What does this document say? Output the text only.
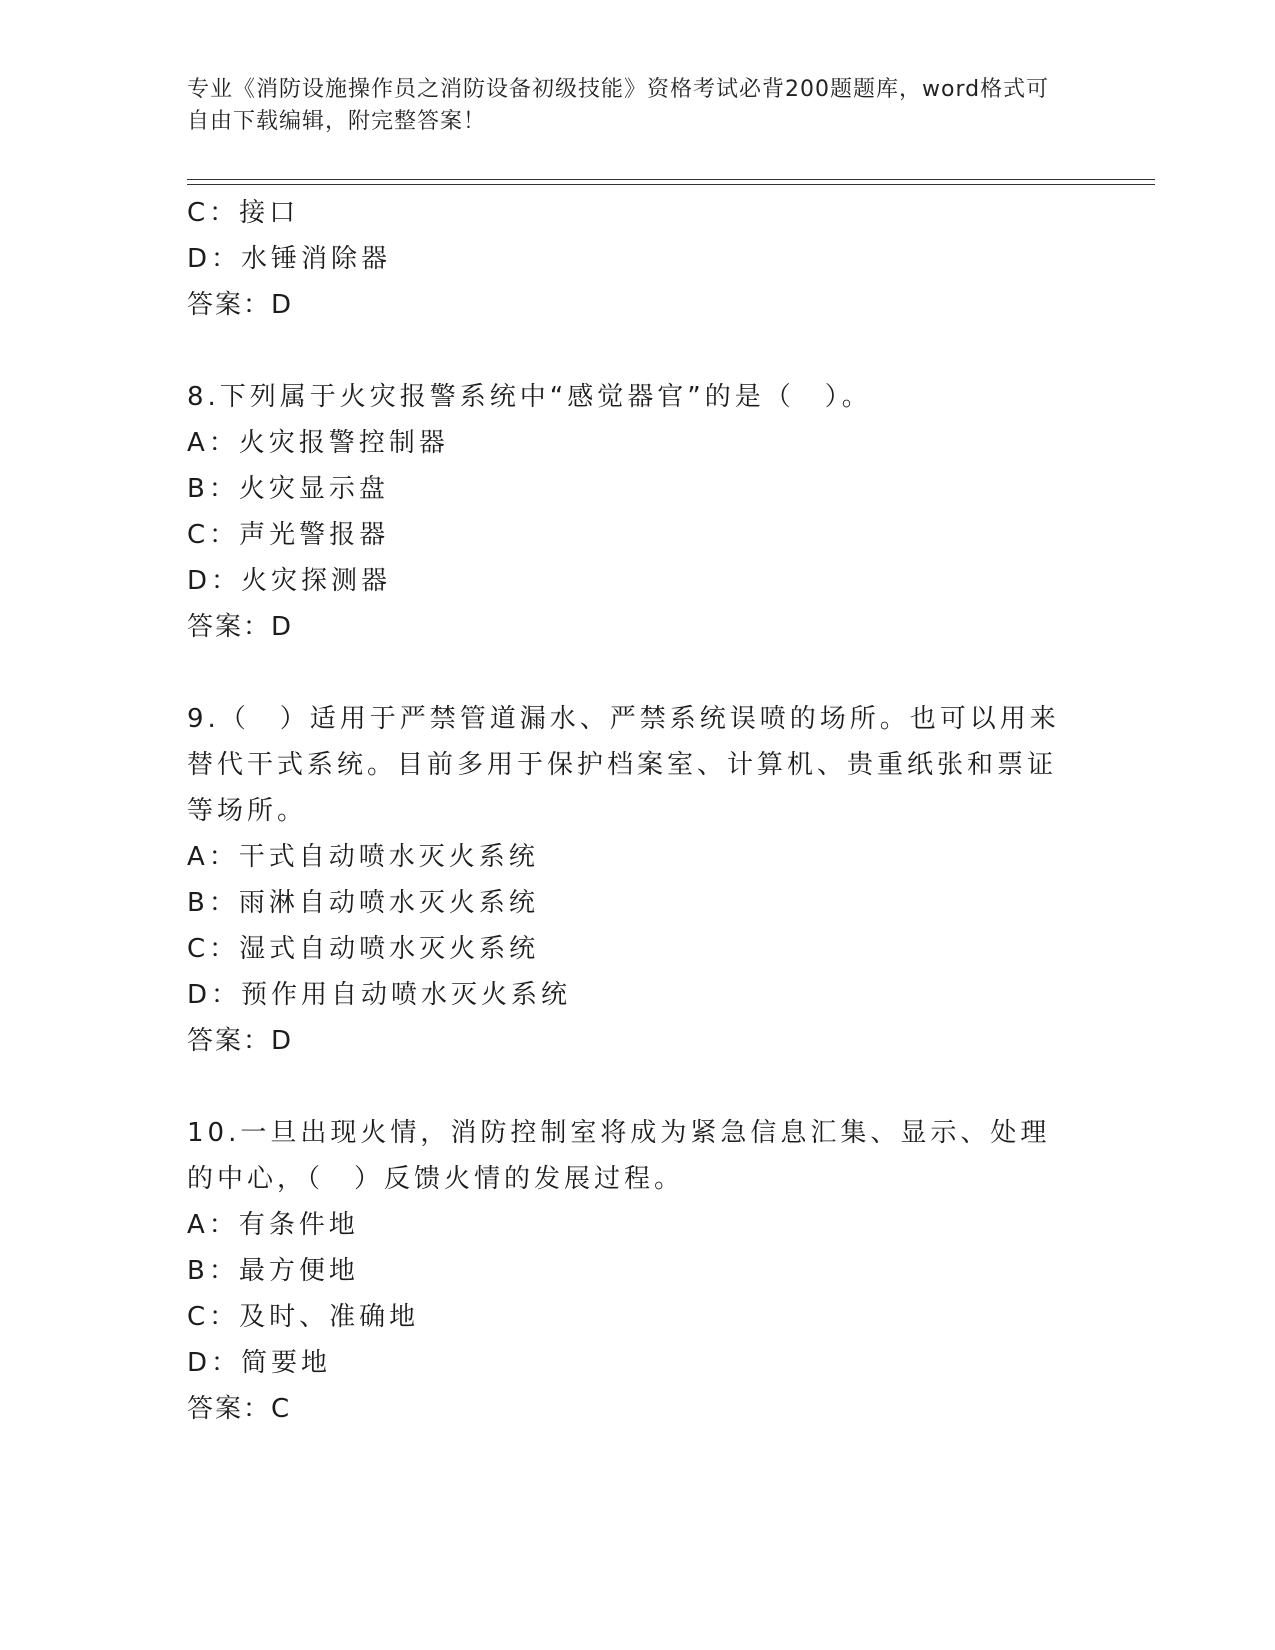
专业《消防设施操作员之消防设备初级技能》资格考试必背200题题库，word格式可自由下载编辑，附完整答案！
C：接口
D：水锤消除器
答案：D
8.下列属于火灾报警系统中“感觉器官”的是（　）。
A：火灾报警控制器
B：火灾显示盘
C：声光警报器
D：火灾探测器
答案：D
9.（　）适用于严禁管道漏水、严禁系统误喷的场所。也可以用来替代干式系统。目前多用于保护档案室、计算机、贵重纸张和票证等场所。
A：干式自动喷水灭火系统
B：雨淋自动喷水灭火系统
C：湿式自动喷水灭火系统
D：预作用自动喷水灭火系统
答案：D
10.一旦出现火情，消防控制室将成为紧急信息汇集、显示、处理的中心，（　）反馈火情的发展过程。
A：有条件地
B：最方便地
C：及时、准确地
D：简要地
答案：C
